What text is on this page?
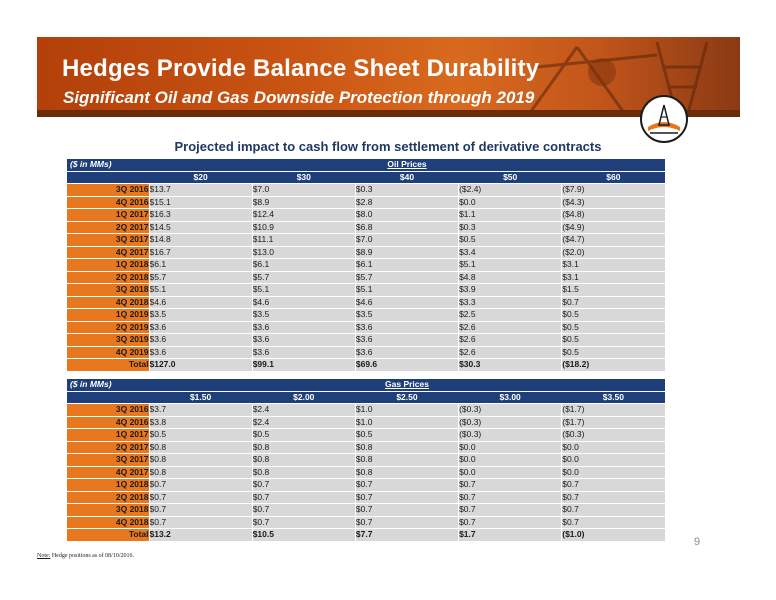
Hedges Provide Balance Sheet Durability
Significant Oil and Gas Downside Protection through 2019
Projected impact to cash flow from settlement of derivative contracts
($ in MMs)	Oil Prices				
	$20	$30	$40	$50	$60
3Q 2016	$13.7	$7.0	$0.3	($2.4)	($7.9)
4Q 2016	$15.1	$8.9	$2.8	$0.0	($4.3)
1Q 2017	$16.3	$12.4	$8.0	$1.1	($4.8)
2Q 2017	$14.5	$10.9	$6.8	$0.3	($4.9)
3Q 2017	$14.8	$11.1	$7.0	$0.5	($4.7)
4Q 2017	$16.7	$13.0	$8.9	$3.4	($2.0)
1Q 2018	$6.1	$6.1	$6.1	$5.1	$3.1
2Q 2018	$5.7	$5.7	$5.7	$4.8	$3.1
3Q 2018	$5.1	$5.1	$5.1	$3.9	$1.5
4Q 2018	$4.6	$4.6	$4.6	$3.3	$0.7
1Q 2019	$3.5	$3.5	$3.5	$2.5	$0.5
2Q 2019	$3.6	$3.6	$3.6	$2.6	$0.5
3Q 2019	$3.6	$3.6	$3.6	$2.6	$0.5
4Q 2019	$3.6	$3.6	$3.6	$2.6	$0.5
Total	$127.0	$99.1	$69.6	$30.3	($18.2)
($ in MMs)	Gas Prices				
	$1.50	$2.00	$2.50	$3.00	$3.50
3Q 2016	$3.7	$2.4	$1.0	($0.3)	($1.7)
4Q 2016	$3.8	$2.4	$1.0	($0.3)	($1.7)
1Q 2017	$0.5	$0.5	$0.5	($0.3)	($0.3)
2Q 2017	$0.8	$0.8	$0.8	$0.0	$0.0
3Q 2017	$0.8	$0.8	$0.8	$0.0	$0.0
4Q 2017	$0.8	$0.8	$0.8	$0.0	$0.0
1Q 2018	$0.7	$0.7	$0.7	$0.7	$0.7
2Q 2018	$0.7	$0.7	$0.7	$0.7	$0.7
3Q 2018	$0.7	$0.7	$0.7	$0.7	$0.7
4Q 2018	$0.7	$0.7	$0.7	$0.7	$0.7
Total	$13.2	$10.5	$7.7	$1.7	($1.0)
9
Note: Hedge positions as of 08/10/2016.
